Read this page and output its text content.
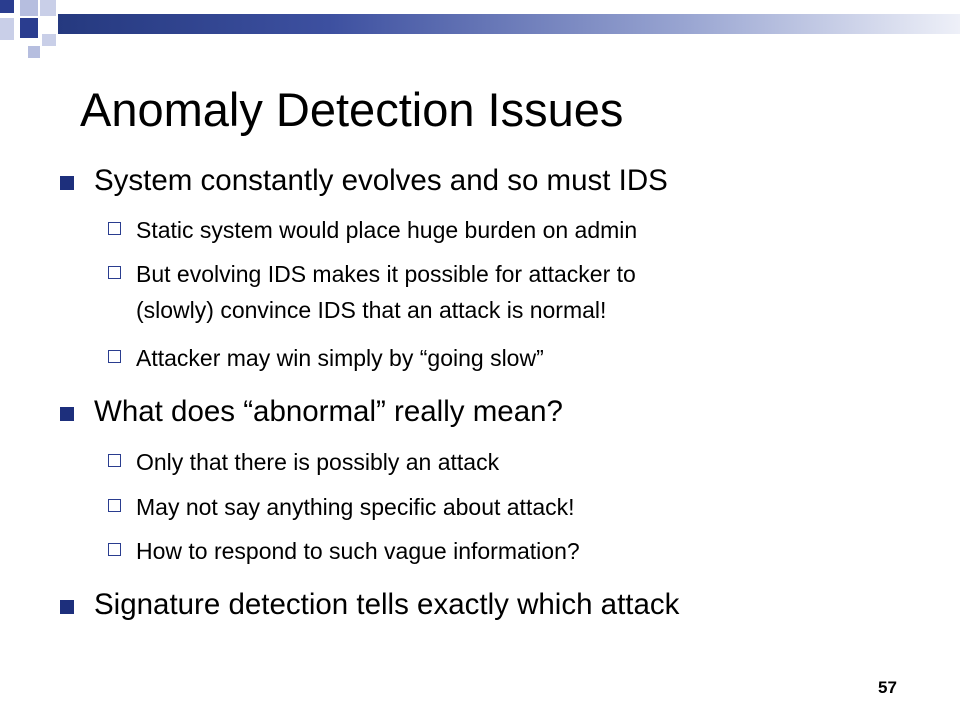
Anomaly Detection Issues
System constantly evolves and so must IDS
Static system would place huge burden on admin
But evolving IDS makes it possible for attacker to
(slowly) convince IDS that an attack is normal!
Attacker may win simply by “going slow”
What does “abnormal” really mean?
Only that there is possibly an attack
May not say anything specific about attack!
How to respond to such vague information?
Signature detection tells exactly which attack
57
